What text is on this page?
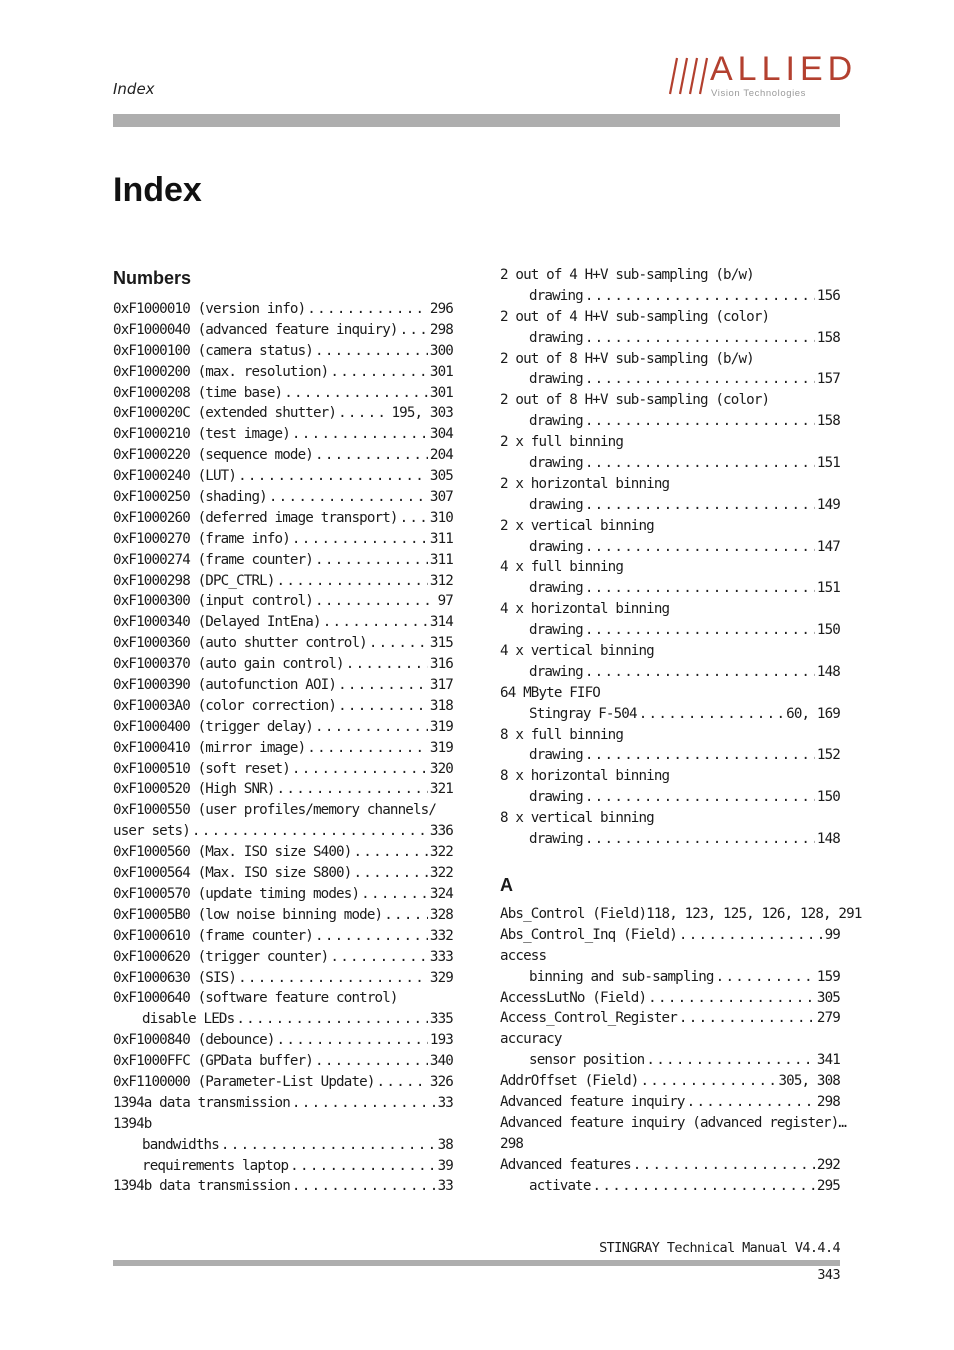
Index
ALLIED
Vision Technologies
Index
Numbers
0xF1000010 (version info) .....	296
0xF1000040 (advanced feature inquiry) ..... 298
0xF1000100 (camera status) .....	300
0xF1000200 (max. resolution) .....	301
0xF1000208 (time base) .....	301
0xF100020C (extended shutter) .....	195, 303
0xF1000210 (test image) .....	304
0xF1000220 (sequence mode) .....	204
0xF1000240 (LUT) .....	305
0xF1000250 (shading) .....	307
0xF1000260 (deferred image transport) ..... 310
0xF1000270 (frame info) .....	311
0xF1000274 (frame counter) .....	311
0xF1000298 (DPC_CTRL) .....	312
0xF1000300 (input control) .....	97
0xF1000340 (Delayed IntEna) .....	314
0xF1000360 (auto shutter control) .....	315
0xF1000370 (auto gain control) .....	316
0xF1000390 (autofunction AOI) .....	317
0xF10003A0 (color correction) .....	318
0xF1000400 (trigger delay) .....	319
0xF1000410 (mirror image) .....	319
0xF1000510 (soft reset) .....	320
0xF1000520 (High SNR) .....	321
0xF1000550 (user profiles/memory channels/
user sets) .....	336
0xF1000560 (Max. ISO size S400) .....	322
0xF1000564 (Max. ISO size S800) .....	322
0xF1000570 (update timing modes) .....	324
0xF10005B0 (low noise binning mode) .....	328
0xF1000610 (frame counter) .....	332
0xF1000620 (trigger counter) .....	333
0xF1000630 (SIS) .....	329
0xF1000640 (software feature control)
disable LEDs .....	335
0xF1000840 (debounce) .....	193
0xF1000FFC (GPData buffer) .....	340
0xF1100000 (Parameter-List Update) .....	326
1394a data transmission .....	33
1394b
bandwidths .....	38
requirements laptop .....	39
1394b data transmission .....	33
2 out of 4 H+V sub-sampling (b/w)
drawing .....	156
2 out of 4 H+V sub-sampling (color)
drawing .....	158
2 out of 8 H+V sub-sampling (b/w)
drawing .....	157
2 out of 8 H+V sub-sampling (color)
drawing .....	158
2 x full binning
drawing .....	151
2 x horizontal binning
drawing .....	149
2 x vertical binning
drawing .....	147
4 x full binning
drawing .....	151
4 x horizontal binning
drawing .....	150
4 x vertical binning
drawing .....	148
64 MByte FIFO
Stingray F-504 .....	60, 169
8 x full binning
drawing .....	152
8 x horizontal binning
drawing .....	150
8 x vertical binning
drawing .....	148
A
Abs_Control (Field)118, 123, 125, 126, 128, 291
Abs_Control_Inq (Field) .....	99
access
binning and sub-sampling .....	159
AccessLutNo (Field) .....	305
Access_Control_Register .....	279
accuracy
sensor position .....	341
AddrOffset (Field) .....	305, 308
Advanced feature inquiry .....	298
Advanced feature inquiry (advanced register)…
298
Advanced features .....	292
activate .....	295
STINGRAY Technical Manual V4.4.4
343
